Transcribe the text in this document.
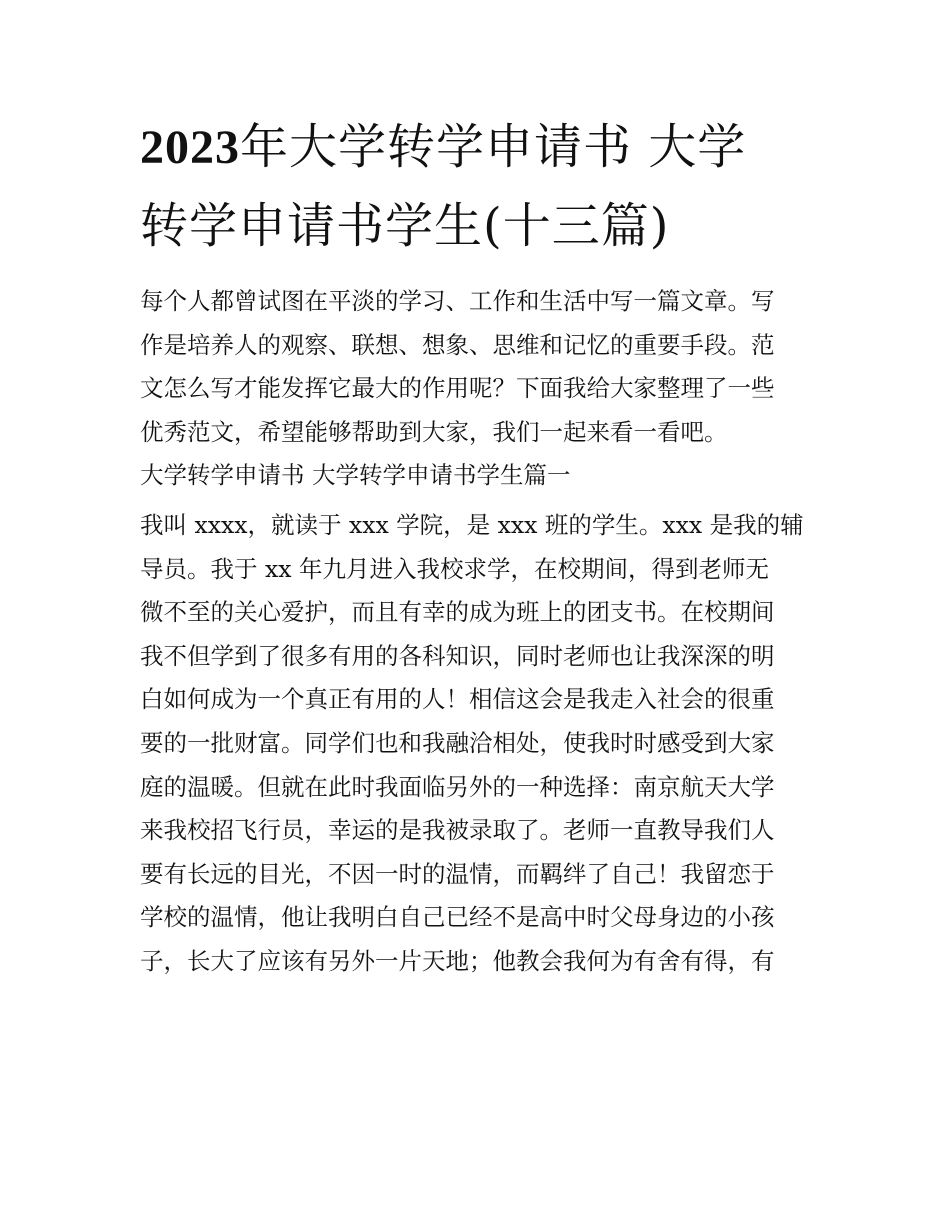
2023年大学转学申请书 大学
转学申请书学生(十三篇)
每个人都曾试图在平淡的学习、工作和生活中写一篇文章。写
作是培养人的观察、联想、想象、思维和记忆的重要手段。范
文怎么写才能发挥它最大的作用呢？下面我给大家整理了一些
优秀范文，希望能够帮助到大家，我们一起来看一看吧。
大学转学申请书 大学转学申请书学生篇一
我叫 xxxx，就读于 xxx 学院，是 xxx 班的学生。xxx 是我的辅
导员。我于 xx 年九月进入我校求学，在校期间，得到老师无
微不至的关心爱护，而且有幸的成为班上的团支书。在校期间
我不但学到了很多有用的各科知识，同时老师也让我深深的明
白如何成为一个真正有用的人！相信这会是我走入社会的很重
要的一批财富。同学们也和我融洽相处，使我时时感受到大家
庭的温暖。但就在此时我面临另外的一种选择：南京航天大学
来我校招飞行员，幸运的是我被录取了。老师一直教导我们人
要有长远的目光，不因一时的温情，而羁绊了自己！我留恋于
学校的温情，他让我明白自己已经不是高中时父母身边的小孩
子，长大了应该有另外一片天地；他教会我何为有舍有得，有
